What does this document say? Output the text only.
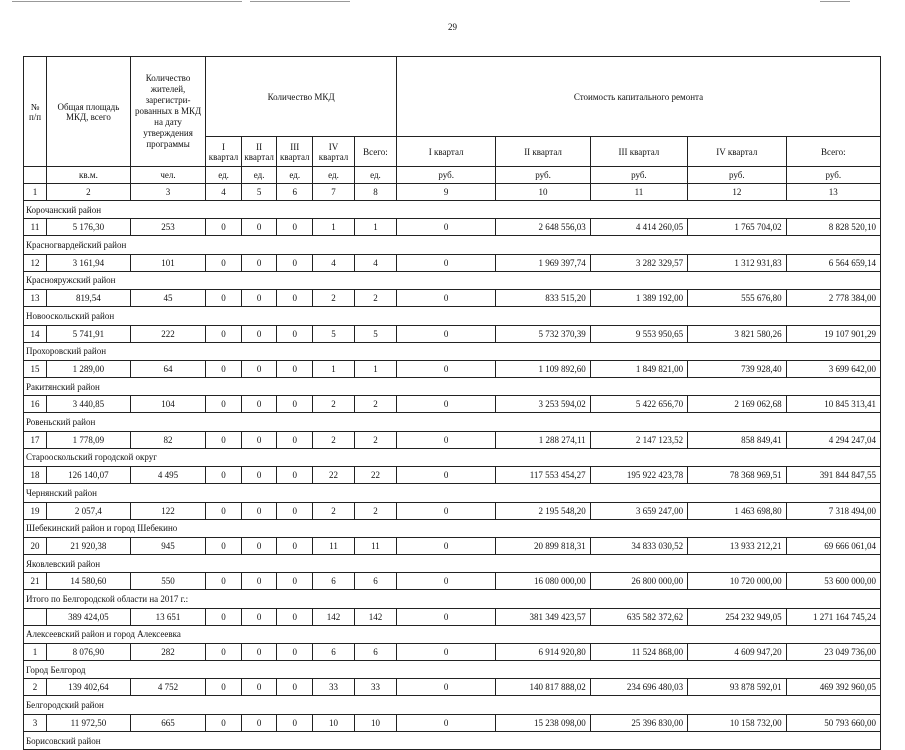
29
№ п/п	Общая площадь МКД, всего	Количество жителей, зарегистри-рованных в МКД на дату утверждения программы	Количество МКД					Стоимость капитального ремонта				
			I квартал	II квартал	III квартал	IV квартал	Всего:	I квартал	II квартал	III квартал	IV квартал	Всего:
	кв.м.	чел.	ед.	ед.	ед.	ед.	ед.	руб.	руб.	руб.	руб.	руб.
1	2	3	4	5	6	7	8	9	10	11	12	13
Корочанский район												
11	5 176,30	253	0	0	0	1	1	0	2 648 556,03	4 414 260,05	1 765 704,02	8 828 520,10
Красногвардейский район												
12	3 161,94	101	0	0	0	4	4	0	1 969 397,74	3 282 329,57	1 312 931,83	6 564 659,14
Краснояружский район												
13	819,54	45	0	0	0	2	2	0	833 515,20	1 389 192,00	555 676,80	2 778 384,00
Новооскольский район												
14	5 741,91	222	0	0	0	5	5	0	5 732 370,39	9 553 950,65	3 821 580,26	19 107 901,29
Прохоровский район												
15	1 289,00	64	0	0	0	1	1	0	1 109 892,60	1 849 821,00	739 928,40	3 699 642,00
Ракитянский район												
16	3 440,85	104	0	0	0	2	2	0	3 253 594,02	5 422 656,70	2 169 062,68	10 845 313,41
Ровеньский район												
17	1 778,09	82	0	0	0	2	2	0	1 288 274,11	2 147 123,52	858 849,41	4 294 247,04
Старооскольский городской округ												
18	126 140,07	4 495	0	0	0	22	22	0	117 553 454,27	195 922 423,78	78 368 969,51	391 844 847,55
Чернянский район												
19	2 057,4	122	0	0	0	2	2	0	2 195 548,20	3 659 247,00	1 463 698,80	7 318 494,00
Шебекинский район и город Шебекино												
20	21 920,38	945	0	0	0	11	11	0	20 899 818,31	34 833 030,52	13 933 212,21	69 666 061,04
Яковлевский район												
21	14 580,60	550	0	0	0	6	6	0	16 080 000,00	26 800 000,00	10 720 000,00	53 600 000,00
Итого по Белгородской области на 2017 г.:												
	389 424,05	13 651	0	0	0	142	142	0	381 349 423,57	635 582 372,62	254 232 949,05	1 271 164 745,24
Алексеевский район и город Алексеевка												
1	8 076,90	282	0	0	0	6	6	0	6 914 920,80	11 524 868,00	4 609 947,20	23 049 736,00
Город Белгород												
2	139 402,64	4 752	0	0	0	33	33	0	140 817 888,02	234 696 480,03	93 878 592,01	469 392 960,05
Белгородский район												
3	11 972,50	665	0	0	0	10	10	0	15 238 098,00	25 396 830,00	10 158 732,00	50 793 660,00
Борисовский район												
